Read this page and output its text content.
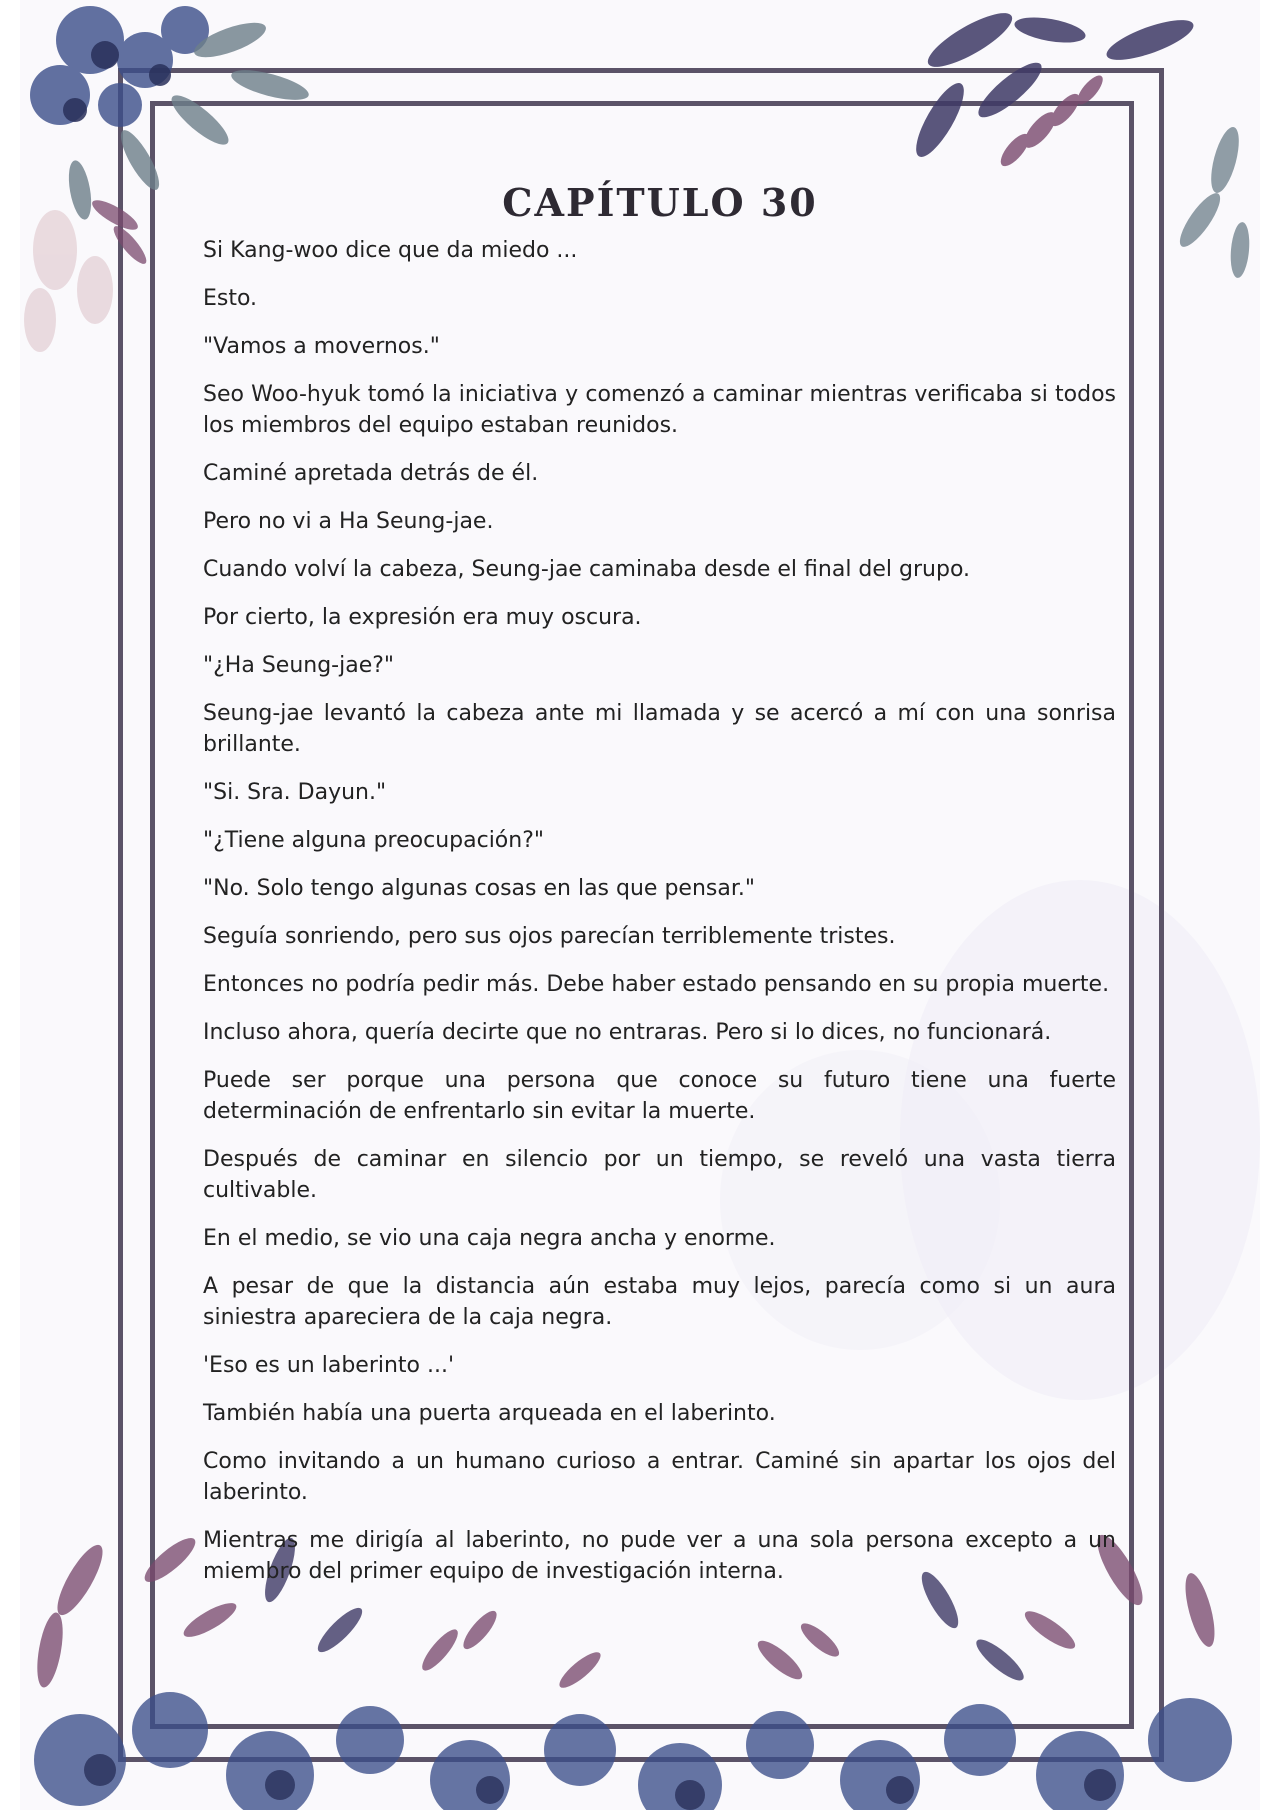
CAPÍTULO 30

Si Kang-woo dice que da miedo ...

Esto.

"Vamos a movernos."

Seo Woo-hyuk tomó la iniciativa y comenzó a caminar mientras verificaba si todos los miembros del equipo estaban reunidos.

Caminé apretada detrás de él.

Pero no vi a Ha Seung-jae.

Cuando volví la cabeza, Seung-jae caminaba desde el final del grupo.

Por cierto, la expresión era muy oscura.

"¿Ha Seung-jae?"

Seung-jae levantó la cabeza ante mi llamada y se acercó a mí con una sonrisa brillante.

"Si. Sra. Dayun."

"¿Tiene alguna preocupación?"

"No. Solo tengo algunas cosas en las que pensar."

Seguía sonriendo, pero sus ojos parecían terriblemente tristes.

Entonces no podría pedir más. Debe haber estado pensando en su propia muerte.

Incluso ahora, quería decirte que no entraras. Pero si lo dices, no funcionará.

Puede ser porque una persona que conoce su futuro tiene una fuerte determinación de enfrentarlo sin evitar la muerte.

Después de caminar en silencio por un tiempo, se reveló una vasta tierra cultivable.

En el medio, se vio una caja negra ancha y enorme.

A pesar de que la distancia aún estaba muy lejos, parecía como si un aura siniestra apareciera de la caja negra.

'Eso es un laberinto ...'

También había una puerta arqueada en el laberinto.

Como invitando a un humano curioso a entrar. Caminé sin apartar los ojos del laberinto.

Mientras me dirigía al laberinto, no pude ver a una sola persona excepto a un miembro del primer equipo de investigación interna.
